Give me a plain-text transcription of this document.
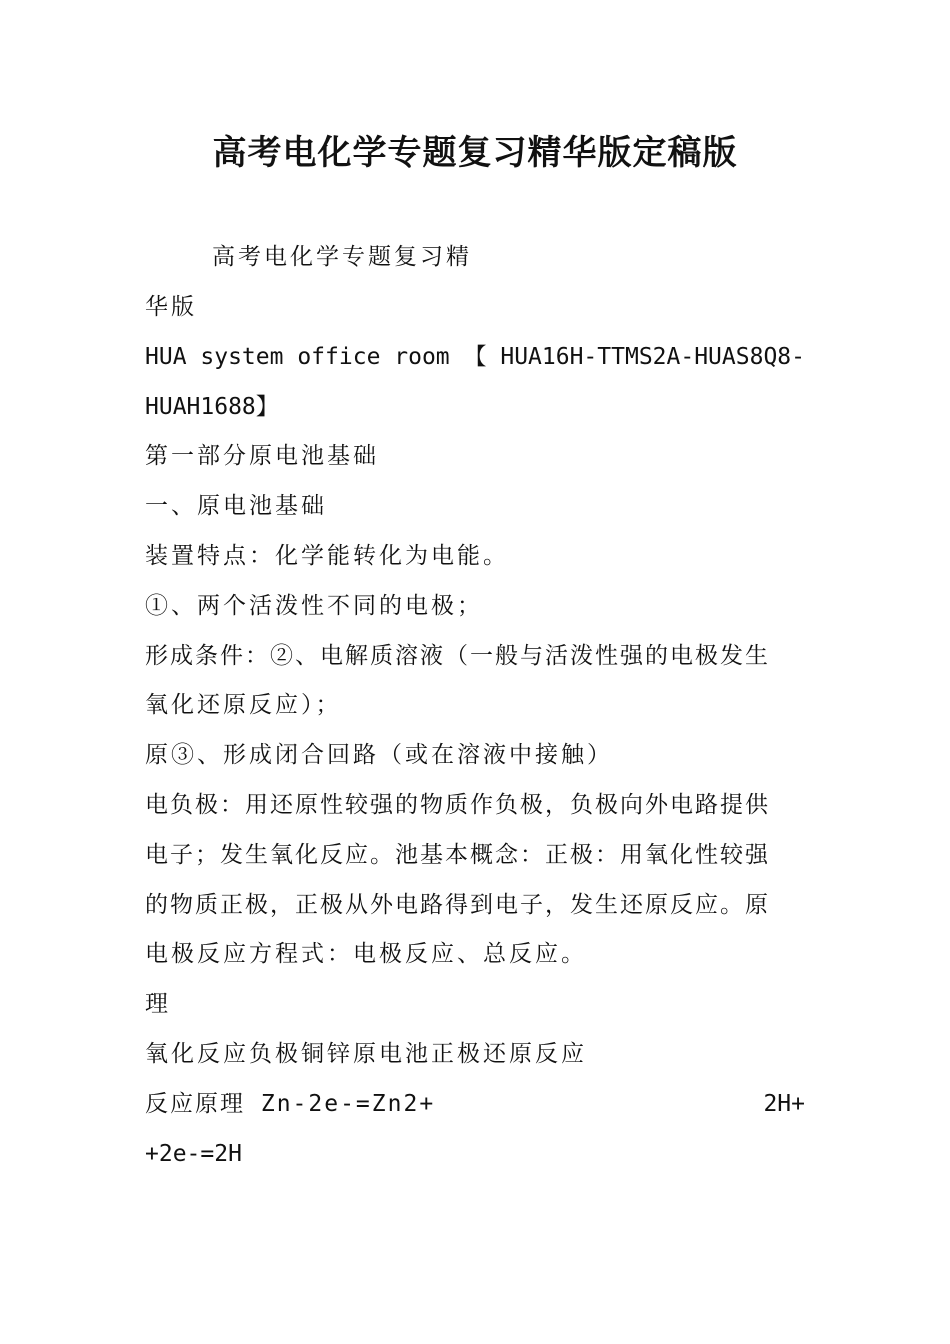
高考电化学专题复习精华版定稿版
高考电化学专题复习精
华版
HUA system office room 【 HUA16H-TTMS2A-HUAS8Q8-
HUAH1688】
第一部分原电池基础
一、原电池基础
装置特点：化学能转化为电能。
①、两个活泼性不同的电极；
形成条件：②、电解质溶液（一般与活泼性强的电极发生
氧化还原反应）；
原③、形成闭合回路（或在溶液中接触）
电负极：用还原性较强的物质作负极，负极向外电路提供
电子；发生氧化反应。池基本概念：正极：用氧化性较强
的物质正极，正极从外电路得到电子，发生还原反应。原
电极反应方程式：电极反应、总反应。
理
氧化反应负极铜锌原电池正极还原反应
反应原理 Zn-2e-=Zn2+	2H+
+2e-=2H
